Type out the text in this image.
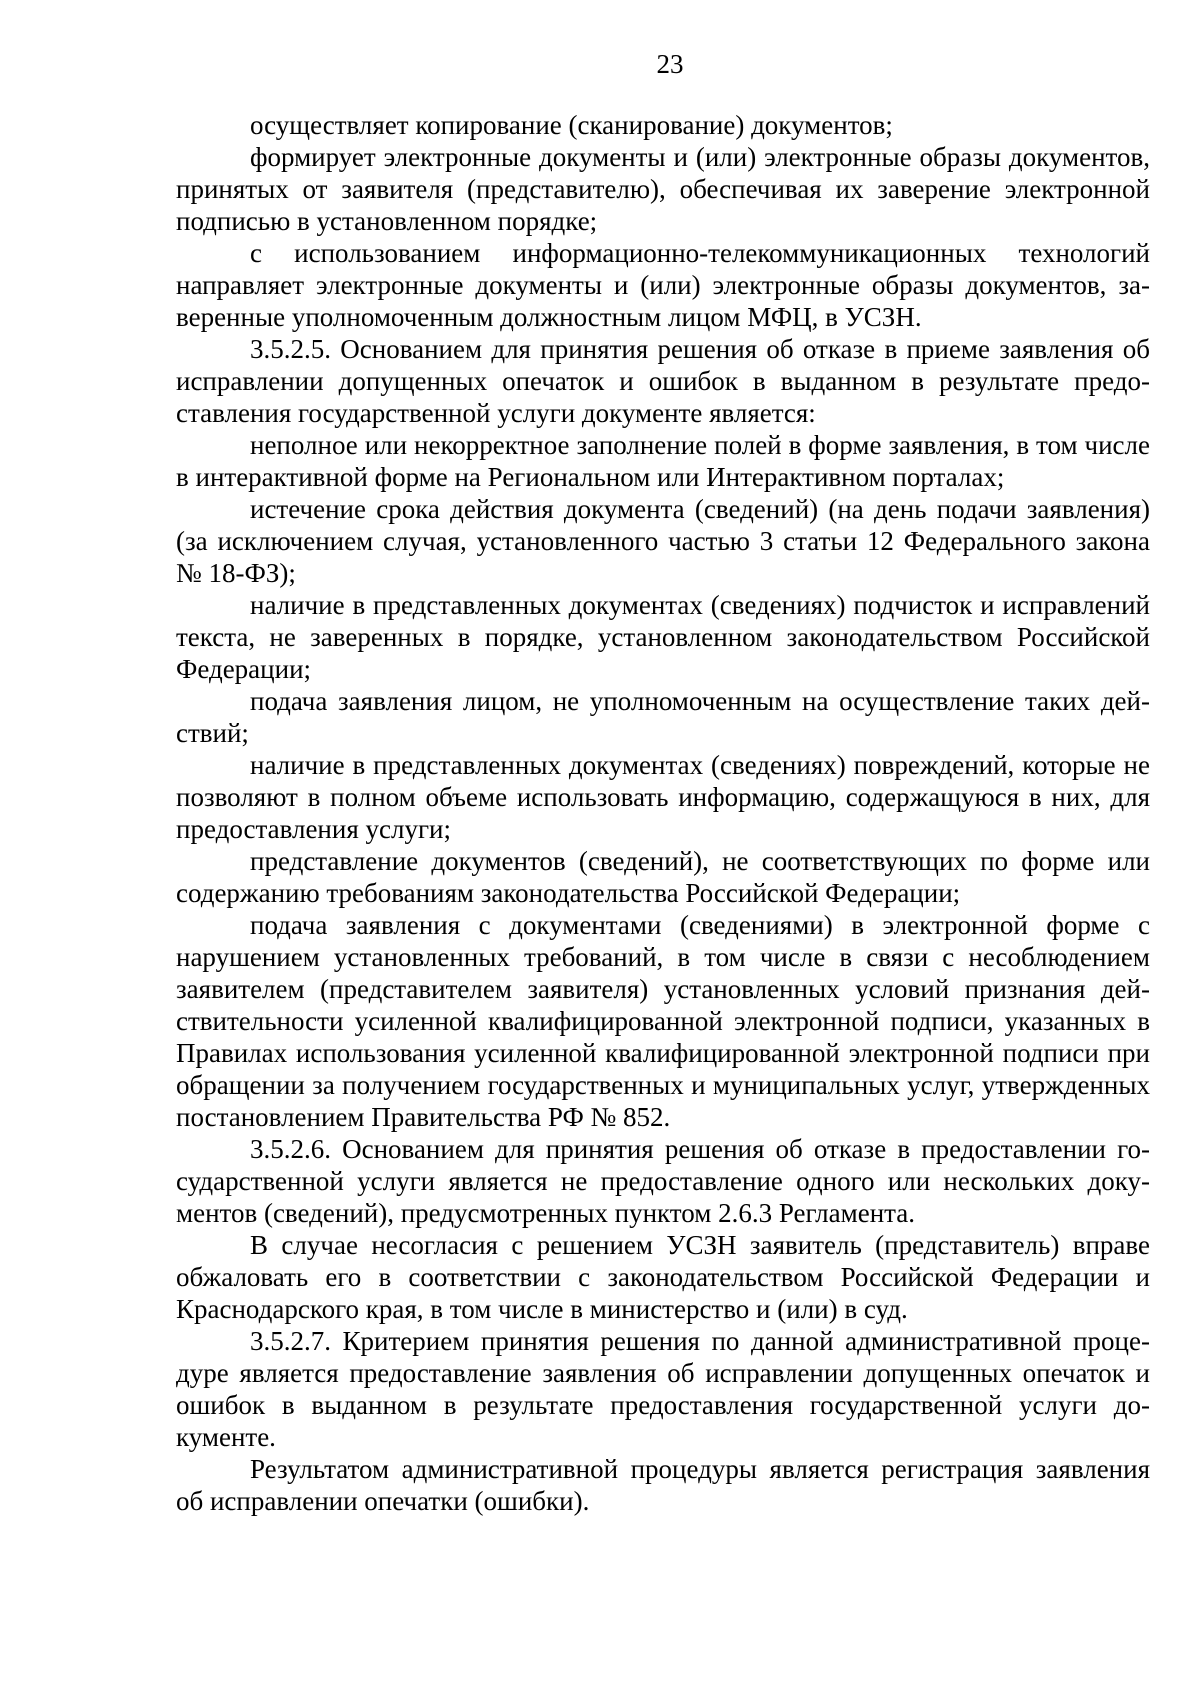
23

осуществляет копирование (сканирование) документов;

формирует электронные документы и (или) электронные образы документов, принятых от заявителя (представителю), обеспечивая их заверение электронной подписью в установленном порядке;

с использованием информационно-телекоммуникационных технологий направляет электронные документы и (или) электронные образы документов, заверенные уполномоченным должностным лицом МФЦ, в УСЗН.

3.5.2.5. Основанием для принятия решения об отказе в приеме заявления об исправлении допущенных опечаток и ошибок в выданном в результате предоставления государственной услуги документе является:

неполное или некорректное заполнение полей в форме заявления, в том числе в интерактивной форме на Региональном или Интерактивном порталах;

истечение срока действия документа (сведений) (на день подачи заявления) (за исключением случая, установленного частью 3 статьи 12 Федерального закона № 18-ФЗ);

наличие в представленных документах (сведениях) подчисток и исправлений текста, не заверенных в порядке, установленном законодательством Российской Федерации;

подача заявления лицом, не уполномоченным на осуществление таких действий;

наличие в представленных документах (сведениях) повреждений, которые не позволяют в полном объеме использовать информацию, содержащуюся в них, для предоставления услуги;

представление документов (сведений), не соответствующих по форме или содержанию требованиям законодательства Российской Федерации;

подача заявления с документами (сведениями) в электронной форме с нарушением установленных требований, в том числе в связи с несоблюдением заявителем (представителем заявителя) установленных условий признания действительности усиленной квалифицированной электронной подписи, указанных в Правилах использования усиленной квалифицированной электронной подписи при обращении за получением государственных и муниципальных услуг, утвержденных постановлением Правительства РФ № 852.

3.5.2.6. Основанием для принятия решения об отказе в предоставлении государственной услуги является не предоставление одного или нескольких документов (сведений), предусмотренных пунктом 2.6.3 Регламента.

В случае несогласия с решением УСЗН заявитель (представитель) вправе обжаловать его в соответствии с законодательством Российской Федерации и Краснодарского края, в том числе в министерство и (или) в суд.

3.5.2.7. Критерием принятия решения по данной административной процедуре является предоставление заявления об исправлении допущенных опечаток и ошибок в выданном в результате предоставления государственной услуги документе.

Результатом административной процедуры является регистрация заявления об исправлении опечатки (ошибки).
